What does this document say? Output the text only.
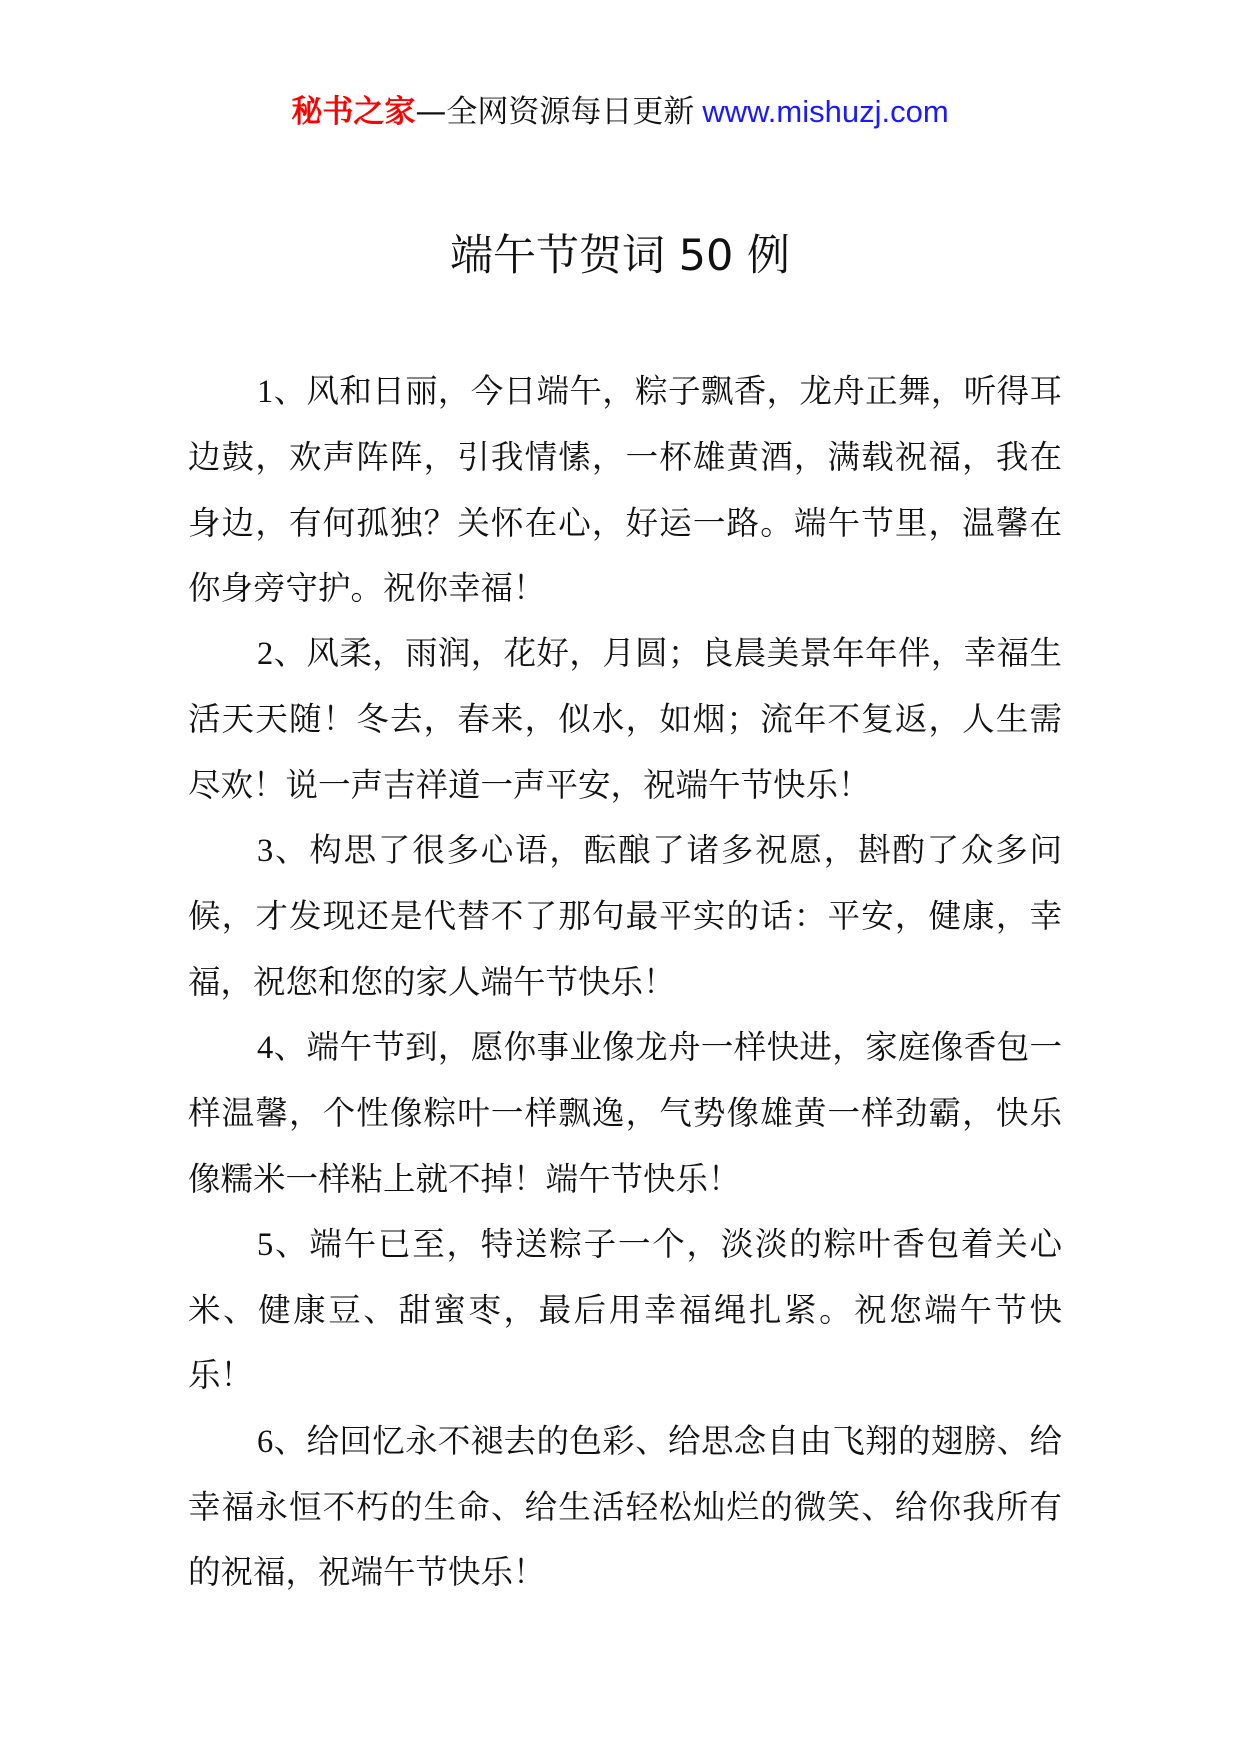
秘书之家—全网资源每日更新 www.mishuzj.com
端午节贺词 50 例

1、风和日丽，今日端午，粽子飘香，龙舟正舞，听得耳边鼓，欢声阵阵，引我情愫，一杯雄黄酒，满载祝福，我在身边，有何孤独？关怀在心，好运一路。端午节里，温馨在你身旁守护。祝你幸福！

2、风柔，雨润，花好，月圆；良晨美景年年伴，幸福生活天天随！冬去，春来，似水，如烟；流年不复返，人生需尽欢！说一声吉祥道一声平安，祝端午节快乐！

3、构思了很多心语，酝酿了诸多祝愿，斟酌了众多问候，才发现还是代替不了那句最平实的话：平安，健康，幸福，祝您和您的家人端午节快乐！

4、端午节到，愿你事业像龙舟一样快进，家庭像香包一样温馨，个性像粽叶一样飘逸，气势像雄黄一样劲霸，快乐像糯米一样粘上就不掉！端午节快乐！

5、端午已至，特送粽子一个，淡淡的粽叶香包着关心米、健康豆、甜蜜枣，最后用幸福绳扎紧。祝您端午节快乐！

6、给回忆永不褪去的色彩、给思念自由飞翔的翅膀、给幸福永恒不朽的生命、给生活轻松灿烂的微笑、给你我所有的祝福，祝端午节快乐！
